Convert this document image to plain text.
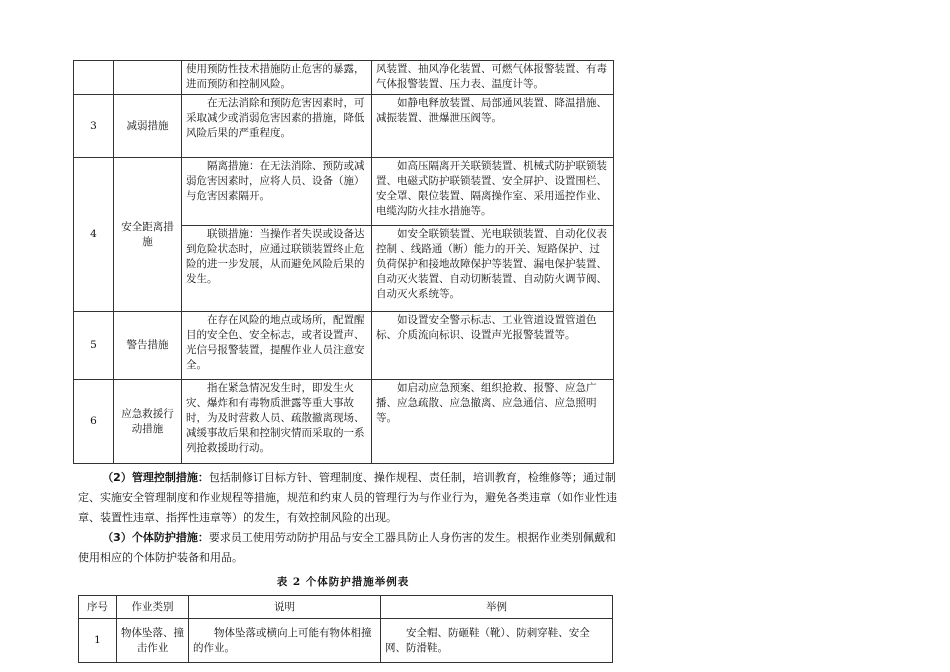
		使用预防性技术措施防止危害的暴露，进而预防和控制风险。	风装置、抽风净化装置、可燃气体报警装置、有毒气体报警装置、压力表、温度计等。
3	减弱措施	在无法消除和预防危害因素时，可采取减少或消弱危害因素的措施，降低风险后果的严重程度。	如静电释放装置、局部通风装置、降温措施、减振装置、泄爆泄压阀等。
4	安全距离措施	隔离措施：在无法消除、预防或减弱危害因素时，应将人员、设备（施）与危害因素隔开。	如高压隔离开关联锁装置、机械式防护联锁装置、电磁式防护联锁装置、安全屏护、设置围栏、安全罩、限位装置、隔离操作室、采用遥控作业、电缆沟防火挂水措施等。
		联锁措施：当操作者失误或设备达到危险状态时，应通过联锁装置终止危险的进一步发展，从而避免风险后果的发生。	如安全联锁装置、光电联锁装置、自动化仪表控制 、线路通（断）能力的开关、短路保护、过负荷保护和接地故障保护等装置、漏电保护装置、自动灭火装置、自动切断装置、自动防火调节阀、自动灭火系统等。
5	警告措施	在存在风险的地点或场所，配置醒目的安全色、安全标志，或者设置声、光信号报警装置，提醒作业人员注意安全。	如设置安全警示标志、工业管道设置管道色标、介质流向标识、设置声光报警装置等。
6	应急救援行动措施	指在紧急情况发生时，即发生火灾、爆炸和有毒物质泄露等重大事故时，为及时营救人员、疏散撤离现场、减缓事故后果和控制灾情而采取的一系列抢救援助行动。	如启动应急预案、组织抢救、报警、应急广播、应急疏散、应急撤离、应急通信、应急照明等。

（2）管理控制措施：包括制修订目标方针、管理制度、操作规程、责任制，培训教育，检维修等；通过制定、实施安全管理制度和作业规程等措施，规范和约束人员的管理行为与作业行为，避免各类违章（如作业性违章、装置性违章、指挥性违章等）的发生，有效控制风险的出现。

（3）个体防护措施：要求员工使用劳动防护用品与安全工器具防止人身伤害的发生。根据作业类别佩戴和使用相应的个体防护装备和用品。

表 2 个体防护措施举例表
序号	作业类别	说明	举例
1	物体坠落、撞击作业	物体坠落或横向上可能有物体相撞的作业。	安全帽、防砸鞋（靴）、防刺穿鞋、安全网、防滑鞋。
